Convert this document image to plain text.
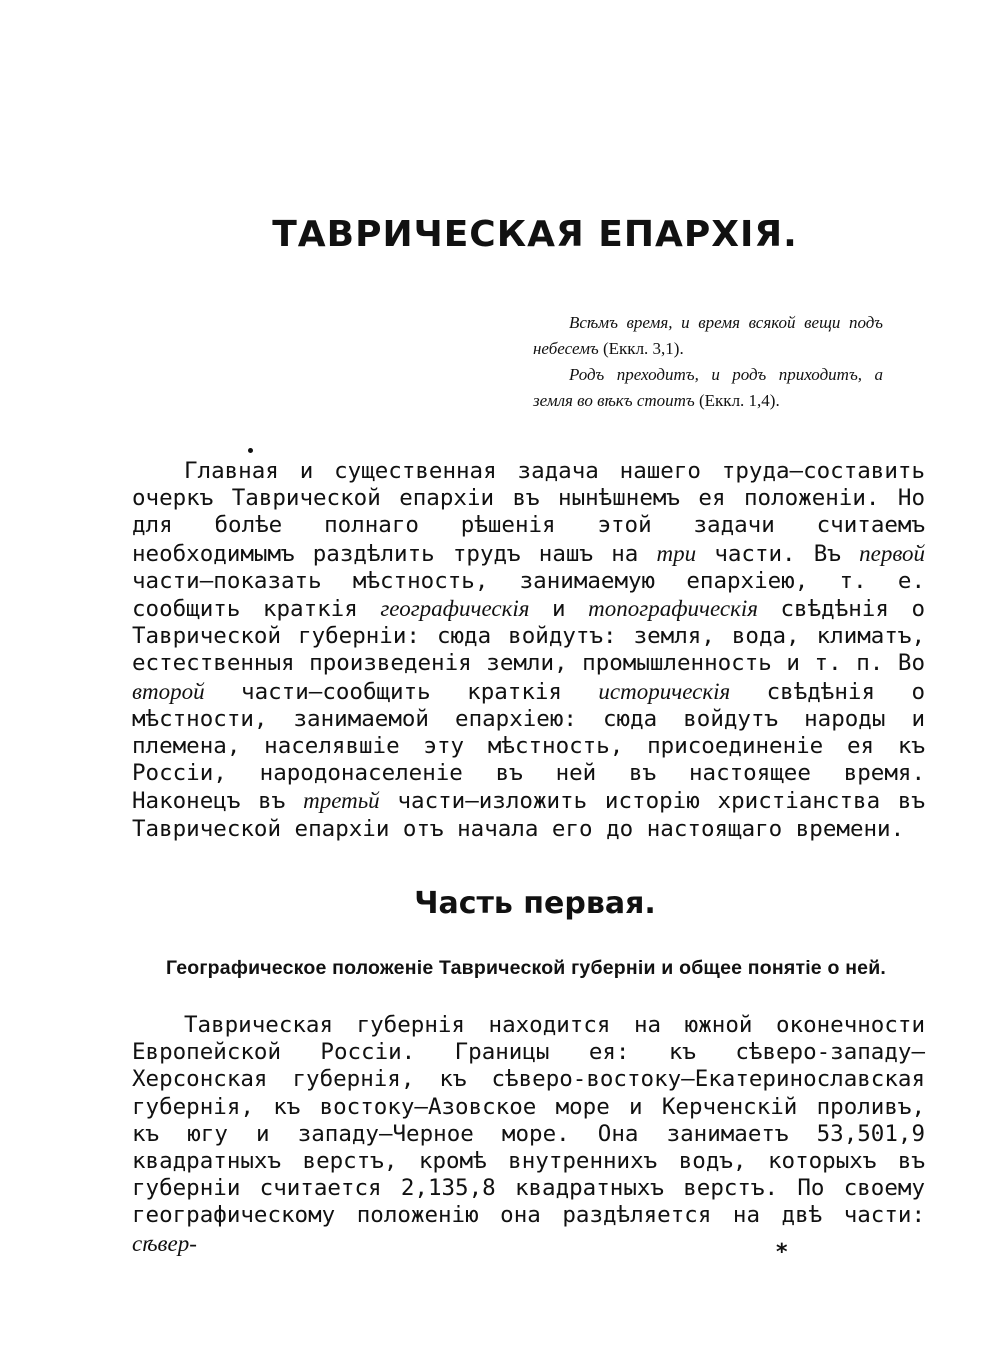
ТАВРИЧЕСКАЯ ЕПАРХІЯ.

Всѣмъ время, и время всякой вещи подъ небесемъ (Еккл. 3,1).

Родъ преходитъ, и родъ приходитъ, а земля во вѣкъ стоитъ (Еккл. 1,4).

Главная и существенная задача нашего труда—составить очеркъ Таврической епархіи въ нынѣшнемъ ея положеніи. Но для болѣе полнаго рѣшенія этой задачи считаемъ необходимымъ раздѣлить трудъ нашъ на три части. Въ первой части—показать мѣстность, занимаемую епархіею, т. е. сообщить краткія географическія и топографическія свѣдѣнія о Таврической губерніи: сюда войдутъ: земля, вода, климатъ, естественныя произведенія земли, промышленность и т. п. Во второй части—сообщить краткія историческія свѣдѣнія о мѣстности, занимаемой епархіею: сюда войдутъ народы и племена, населявшіе эту мѣстность, присоединеніе ея къ Россіи, народонаселеніе въ ней въ настоящее время. Наконецъ въ третьй части—изложить исторію христіанства въ Таврической епархіи отъ начала его до настоящаго времени.

Часть первая.
Географическое положеніе Таврической губерніи и общее понятіе о ней.

Таврическая губернія находится на южной оконечности Европейской Россіи. Границы ея: къ сѣверо-западу—Херсонская губернія, къ сѣверо-востоку—Екатеринославская губернія, къ востоку—Азовское море и Керченскій проливъ, къ югу и западу—Черное море. Она занимаетъ 53,501,9 квадратныхъ верстъ, кромѣ внутреннихъ водъ, которыхъ въ губерніи считается 2,135,8 квадратныхъ верстъ. По своему географическому положенію она раздѣляется на двѣ части: сѣвер-	*
